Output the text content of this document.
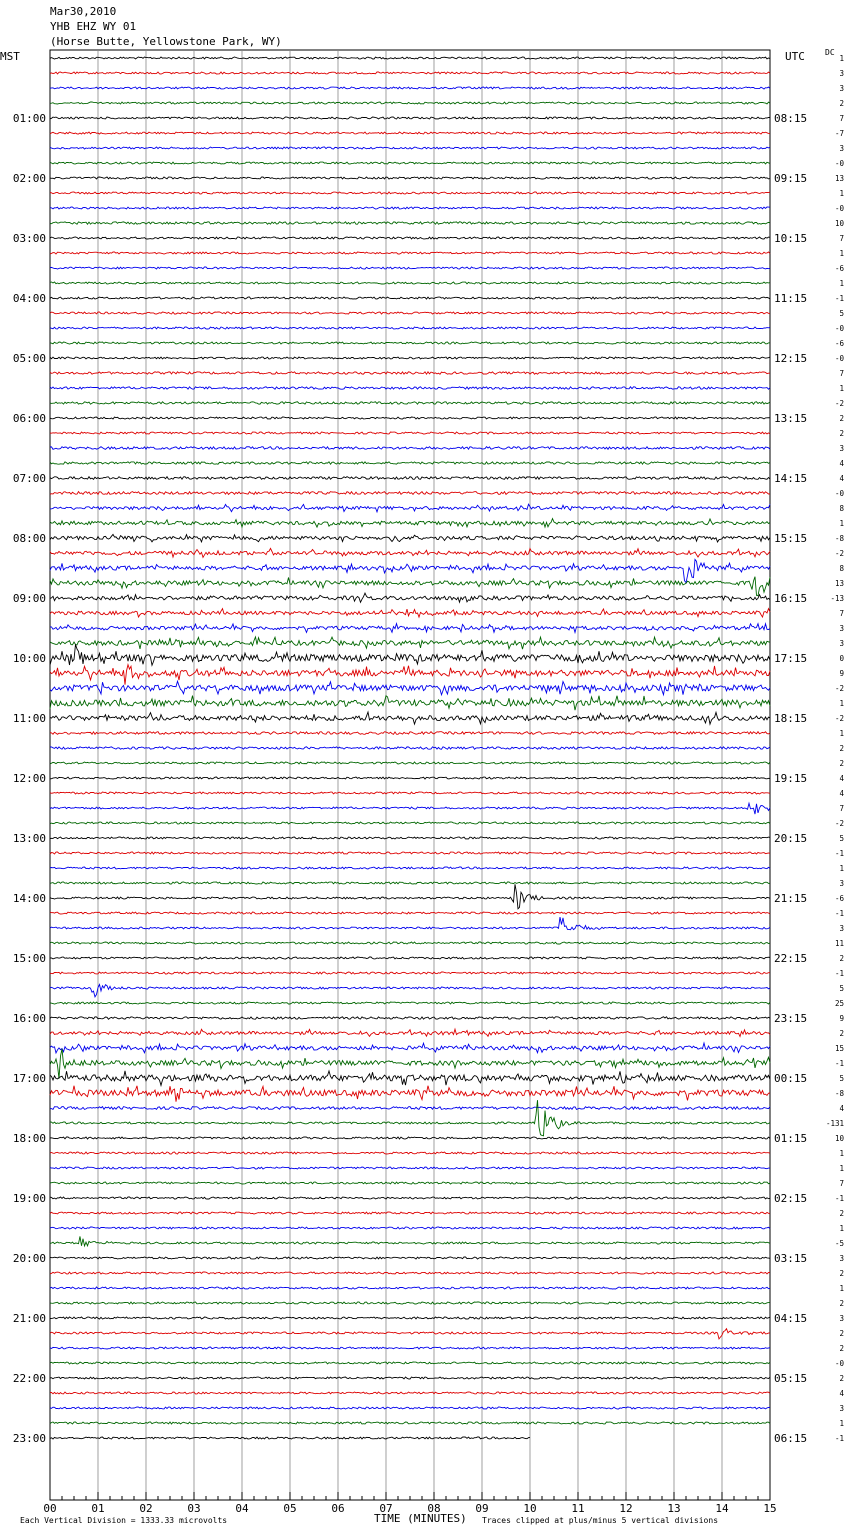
Mar30,2010
YHB EHZ WY 01
(Horse Butte, Yellowstone Park, WY)
MST	UTC	DC
01:00
02:00
03:00
04:00
05:00
06:00
07:00
08:00
09:00
10:00
11:00
12:00
13:00
14:00
15:00
16:00
17:00
18:00
19:00
20:00
21:00
22:00
23:00
08:15
09:15
10:15
11:15
12:15
13:15
14:15
15:15
16:15
17:15
18:15
19:15
20:15
21:15
22:15
23:15
00:15
01:15
02:15
03:15
04:15
05:15
06:15
1
3
3
2
7
-7
3
-0
13
1
-0
10
7
1
-6
1
-1
5
-0
-6
-0
7
1
-2
2
2
3
4
4
-0
8
1
-8
-2
8
13
-13
7
3
3
0
9
-2
1
-2
1
2
2
4
4
7
-2
5
-1
1
3
-6
-1
3
11
2
-1
5
25
9
2
15
-1
5
-8
4
-131
10
1
1
7
-1
2
1
-5
3
2
1
2
3
2
2
-0
2
4
3
1
-1
00	01	02	03	04	05	06	07	08	09	10	11	12	13	14	15
Each Vertical Division = 1333.33 microvolts	TIME (MINUTES) Traces clipped at plus/minus 5 vertical divisions
